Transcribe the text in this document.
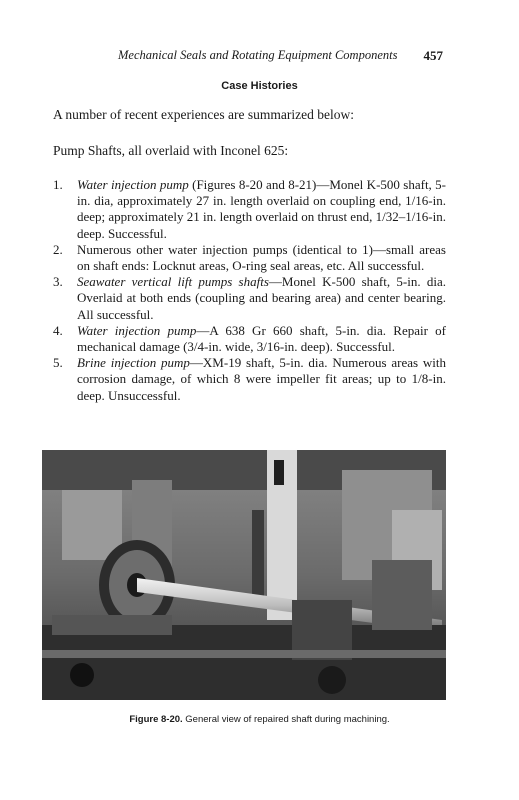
Mechanical Seals and Rotating Equipment Components 457
Case Histories
A number of recent experiences are summarized below:
Pump Shafts, all overlaid with Inconel 625:
1. Water injection pump (Figures 8-20 and 8-21)—Monel K-500 shaft, 5-in. dia, approximately 27 in. length overlaid on coupling end, 1/16-in. deep; approximately 21 in. length overlaid on thrust end, 1/32–1/16-in. deep. Successful.
2. Numerous other water injection pumps (identical to 1)—small areas on shaft ends: Locknut areas, O-ring seal areas, etc. All successful.
3. Seawater vertical lift pumps shafts—Monel K-500 shaft, 5-in. dia. Overlaid at both ends (coupling and bearing area) and center bearing. All successful.
4. Water injection pump—A 638 Gr 660 shaft, 5-in. dia. Repair of mechanical damage (3/4-in. wide, 3/16-in. deep). Successful.
5. Brine injection pump—XM-19 shaft, 5-in. dia. Numerous areas with corrosion damage, of which 8 were impeller fit areas; up to 1/8-in. deep. Unsuccessful.
Figure 8-20. General view of repaired shaft during machining.
